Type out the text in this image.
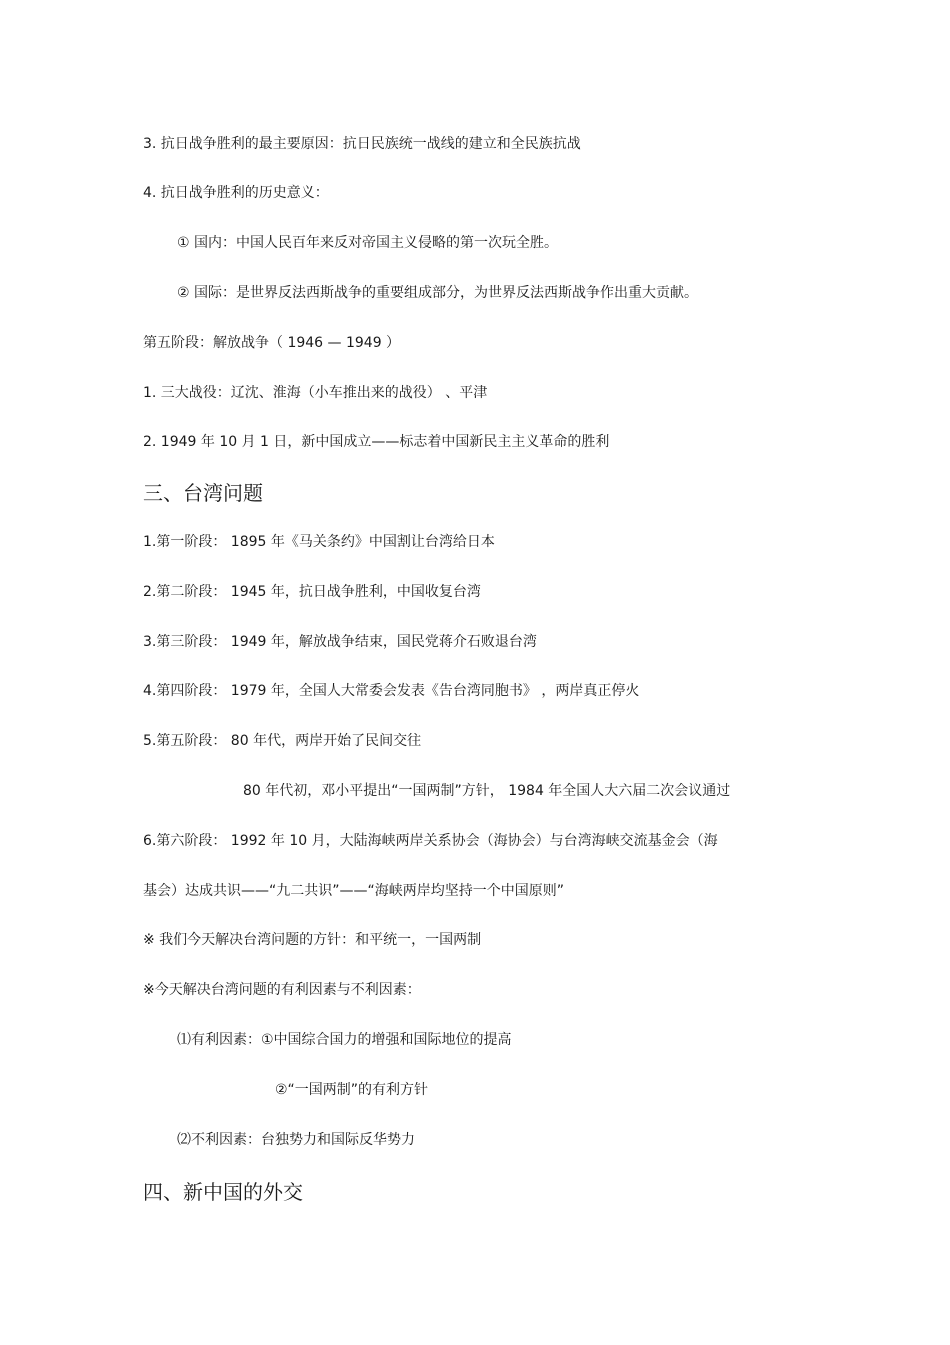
3. 抗日战争胜利的最主要原因：抗日民族统一战线的建立和全民族抗战
4. 抗日战争胜利的历史意义：
① 国内：中国人民百年来反对帝国主义侵略的第一次玩全胜。
② 国际：是世界反法西斯战争的重要组成部分，为世界反法西斯战争作出重大贡献。
第五阶段：解放战争（ 1946 — 1949 ）
1. 三大战役：辽沈、淮海（小车推出来的战役） 、平津
2. 1949 年 10 月 1 日，新中国成立——标志着中国新民主主义革命的胜利
三、台湾问题
1.第一阶段： 1895 年《马关条约》中国割让台湾给日本
2.第二阶段： 1945 年，抗日战争胜利，中国收复台湾
3.第三阶段： 1949 年，解放战争结束，国民党蒋介石败退台湾
4.第四阶段： 1979 年，全国人大常委会发表《告台湾同胞书》 ，两岸真正停火
5.第五阶段： 80 年代，两岸开始了民间交往
80 年代初，邓小平提出“一国两制”方针， 1984 年全国人大六届二次会议通过
6.第六阶段： 1992 年 10 月，大陆海峡两岸关系协会（海协会）与台湾海峡交流基金会（海
基会）达成共识——“九二共识”——“海峡两岸均坚持一个中国原则”
※ 我们今天解决台湾问题的方针：和平统一，一国两制
※今天解决台湾问题的有利因素与不利因素：
⑴有利因素：①中国综合国力的增强和国际地位的提高
②“一国两制”的有利方针
⑵不利因素：台独势力和国际反华势力
四、新中国的外交
